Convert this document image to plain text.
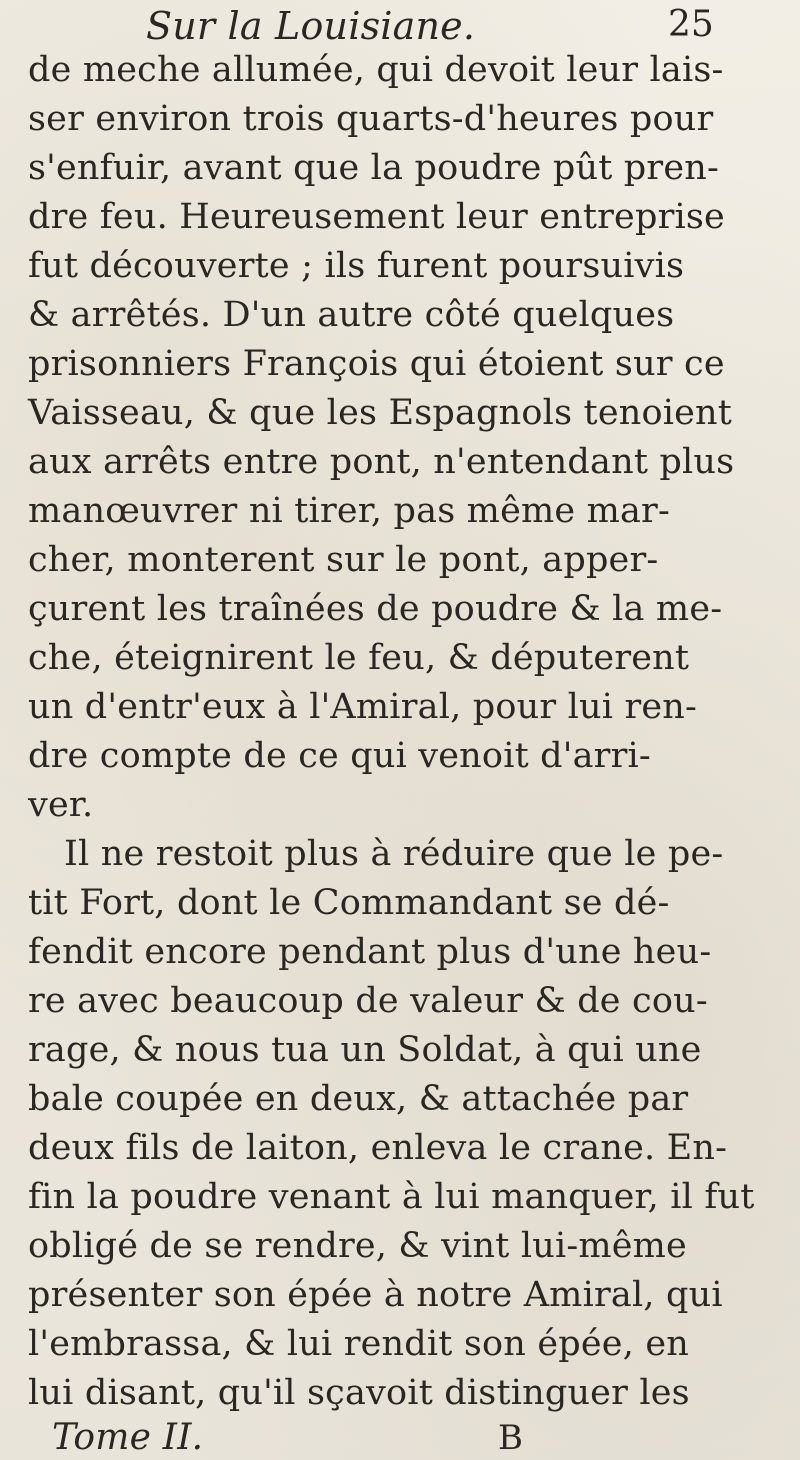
Sur la Louisiane.	25
de meche allumée, qui devoit leur lais-
ser environ trois quarts-d'heures pour
s'enfuir, avant que la poudre pût pren-
dre feu. Heureusement leur entreprise
fut découverte ; ils furent poursuivis
& arrêtés. D'un autre côté quelques
prisonniers François qui étoient sur ce
Vaisseau, & que les Espagnols tenoient
aux arrêts entre pont, n'entendant plus
manœuvrer ni tirer, pas même mar-
cher, monterent sur le pont, apper-
çurent les traînées de poudre & la me-
che, éteignirent le feu, & députerent
un d'entr'eux à l'Amiral, pour lui ren-
dre compte de ce qui venoit d'arri-
ver.
Il ne restoit plus à réduire que le pe-
tit Fort, dont le Commandant se dé-
fendit encore pendant plus d'une heu-
re avec beaucoup de valeur & de cou-
rage, & nous tua un Soldat, à qui une
bale coupée en deux, & attachée par
deux fils de laiton, enleva le crane. En-
fin la poudre venant à lui manquer, il fut
obligé de se rendre, & vint lui-même
présenter son épée à notre Amiral, qui
l'embrassa, & lui rendit son épée, en
lui disant, qu'il sçavoit distinguer les
Tome II.	B
